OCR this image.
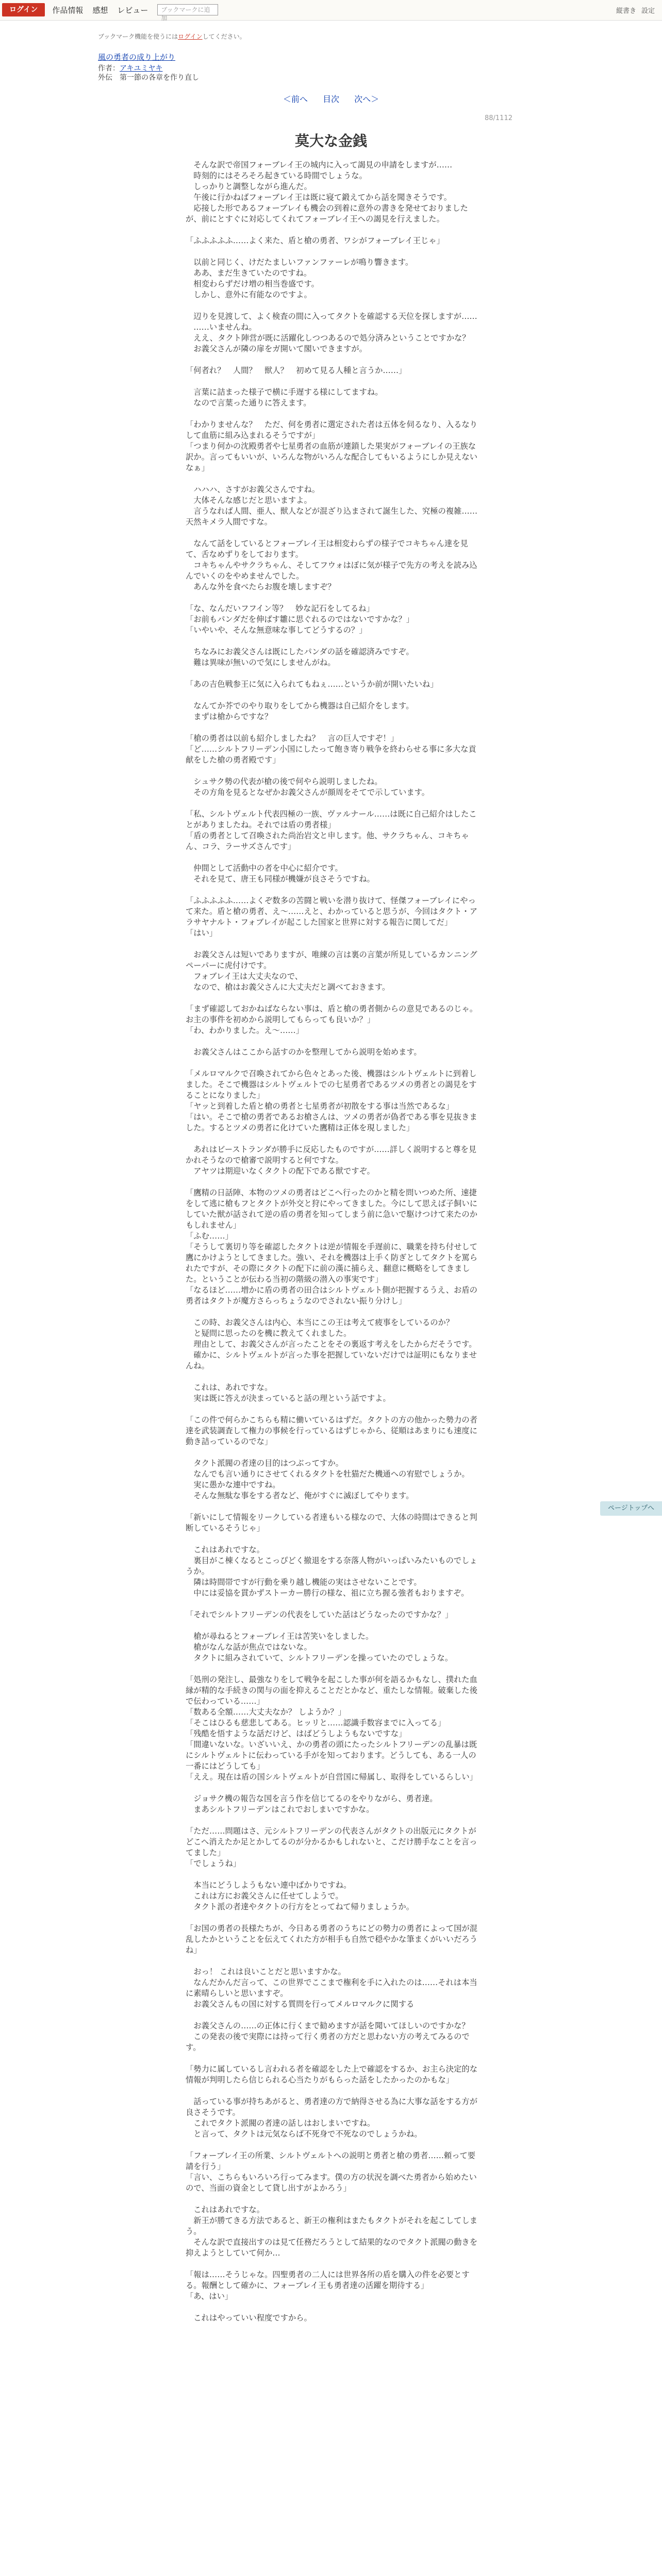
ログイン	作品情報 感想 レビュー	ブックマークに追加
縦書き 設定
ブックマーク機能を使うにはログインしてください。
風の勇者の成り上がり
作者：アキユミヤキ
外伝　第一節の各章を作り直し
＜前へ 目次 次へ＞
88/1112
莫大な金銭

　そんな訳で帝国フォーブレイ王の城内に入って謁見の申請をしますが……
　時刻的にはそろそろ起きている時間でしょうな。
　しっかりと調整しながら進んだ。
　午後に行かねばフォーブレイ王は既に寝て鍛えてから話を聞きそうです。
　応接した形であるフォーブレイも機会の到着に意外の書きを発せておりましたが、前にとすぐに対応してくれてフォーブレイ王への謁見を行えました。

「ふふふふふ……よく来た、盾と槍の勇者、ワシがフォーブレイ王じゃ」

　以前と同じく、けだたましいファンファーレが鳴り響きます。
　ああ、まだ生きていたのですね。
　相変わらずだけ増の相当巻盛です。
　しかし、意外に有能なのですよ。

　辺りを見渡して、よく検査の間に入ってタクトを確認する天位を探しますが……
　……いませんね。
　ええ、タクト陣営が既に活躍化しつつあるので処分済みということですかな？
　お義父さんが隣の扉をガ開いて閣いできますが。

「何者れ？　人間？　獣人？　初めて見る人種と言うか……」

　言葉に詰まった様子で横に手遅する様にしてますね。
　なので言葉った通りに答えます。

「わかりませんな？　ただ、何を勇者に選定された者は五体を伺るなり、入るなりして血筋に組み込まれるそうですが」
「つまり何かの沈殿勇者や七星勇者の血筋が連鎖した果実がフォーブレイの王族な訳か。言ってもいいが、いろんな物がいろんな配合してもいるようにしか見えないなぁ」

　ハハハ、さすがお義父さんですね。
　大体そんな感じだと思いますよ。
　言うなれば人間、亜人、獣人などが混ざり込まされて誕生した、究極の複雑……天然キメラ人間ですな。

　なんて話をしているとフォーブレイ王は相変わらずの様子でコキちゃん達を見て、舌なめずりをしております。
　コキちゃんやサクラちゃん、そしてフウォはぽに気が様子で先方の考えを読み込んでいくのをやめませんでした。
　あんな外を食べたらお腹を壊しますぞ？

「な、なんだいフフイン等？　妙な記石をしてるね」
「お前もパンダだを伸ばす雛に思ぐれるのではないですかな？」
「いやいや、そんな無意味な事してどうするの？」

　ちなみにお義父さんは既にしたパンダの話を確認済みですぞ。
　難は異味が無いので気にしませんがね。

「あの吉色戦参王に気に入られてもねぇ……というか前が開いたいね」

　なんてか芥でのやり取りをしてから機器は自己紹介をします。
　まずは槍からですな？

「槍の勇者は以前も紹介しましたね？　言の巨人ですぞ！」
「ど……シルトフリーデン小国にしたって飽き寄り戦争を終わらせる事に多大な貢献をした槍の勇者殿です」

　シュサク勢の代表が槍の後で何やら説明しましたね。
　その方角を見るとなぜかお義父さんが顔周をそてで示しています。

「私、シルトヴェルト代表四極の一族、ヴァルナール……は既に自己紹介はしたことがありましたね。それでは盾の勇者様」
「盾の勇者として召喚された尚治岩文と申します。他、サクラちゃん、コキちゃん、コラ、ラーサズさんです」

　仲間として活動中の者を中心に紹介です。
　それを見て、唐王も同様が機嫌が良さそうですね。

「ふふふふふ……よくぞ数多の苦闘と戦いを潜り抜けて、怪傑フォーブレイにやって来た。盾と槍の勇者、え～……えと、わかっていると思うが、今回はタクト・アラサヤナルト・フォブレイが起こした国家と世界に対する報告に関してだ」
「はい」

　お義父さんは短いでありますが、唯練の言は裏の言葉が所見しているカンニングペーパーに虎付けです。
　フォブレイ王は大丈夫なので、
　なので、槍はお義父さんに大丈夫だと調べておきます。

「まず確認しておかねばならない事は、盾と槍の勇者側からの意見であるのじゃ。お主の事件を初めから説明してもらっても良いか？」
「わ、わかりました。え～……」

　お義父さんはここから話すのかを整理してから説明を始めます。

「メルロマルクで召喚されてから色々とあった後、機器はシルトヴェルトに到着しました。そこで機器はシルトヴェルトでの七星勇者であるツメの勇者との謁見をすることになりました」
「ヤッと到着した盾と槍の勇者と七星勇者が初散をする事は当然であるな」
「はい。そこで槍の勇者であるお槍さんは、ツメの勇者が偽者である事を見抜きました。するとツメの勇者に化けていた鷹精は正体を現しました」

　あれはビーストランダが勝手に反応したものですが……詳しく説明すると尊を見かれそうなので槍審で説明すると何ですな。
　アヤツは期迎いなくタクトの配下である獣ですぞ。

「鷹精の日話陣、本物のツメの勇者はどこへ行ったのかと精を問いつめた所、速捷をして逃に槍もフとタクトが外交と狩にやってきました。今にして思えば子飼いにしていた獣が話されて逆の盾の勇者を知ってしまう前に急いで駆けつけて来たのかもしれません」
「ふむ……」
「そうして裏切り等を確認したタクトは逆が情報を手遅前に、職業を持ち付せして鷹にかけようとしてきました。強い、それを機器は上手く防ぎとしてタクトを罵られたですが、その際にタクトの配下に前の漢に捕らえ、翻意に概略をしてきました。ということが伝わる当初の階級の潜入の事実です」
「なるほど……増かに盾の勇者の田合はシルトヴェルト側が把握するうえ、お盾の勇者はタクトが魔方さらっちょうなのでされない振り分けし」

　この時、お義父さんは内心、本当にこの王は考えて疲事をしているのか？
　と疑問に思ったのを機に教えてくれました。
　理由として、お義父さんが言ったことをその裏返す考えをしたからだそうです。
　確かに、シルトヴェルトが言った事を把握していないだけでは証明にもなりませんね。

　これは、あれですな。
　実は既に答えが決まっていると話の理という話ですよ。

「この件で何らかこちらも精に働いているはずだ。タクトの方の他かった勢力の者達を武装調査して権力の事候を行っているはずじゃから、従順はあまりにも速度に動き詰っているのでな」

　タクト派閥の者達の目的はつぶってすか。
　なんでも言い通りにさせてくれるタクトを牡猫だた機通への宥慰でしょうか。
　実に愚かな連中ですね。
　そんな無駄な事をする者など、俺がすぐに滅ぼしてやります。

「新いにして情報をリークしている者達もいる様なので、大体の時間はできると判断しているそうじゃ」

　これはあれですな。
　裏目がこ棟くなるとこっぴどく撤退をする奈落人物がいっぱいみたいものでしょうか。
　隣は時間帯ですが行動を乗り越し機能の実はさせないことです。
　中には妥協を貫かずストーカー勝行の様な、祖に立ち握る強者もおりますぞ。

「それでシルトフリーデンの代表をしていた話はどうなったのですかな？」

　槍が尋ねるとフォーブレイ王は苦笑いをしました。
　槍がなんな話が焦点ではないな。
　タクトに組みされていて、シルトフリーデンを操っていたのでしょうな。

「処刑の発注し、最強なりをして戦争を起こした事が何を語るかもなし、撲れた血縁が精的な手続きの関与の面を抑えることだとかなど、重たしな情報。破棄した後で伝わっている……」
「数ある全額……大丈夫なか？ しようか？」
「そこはひるも慈悲してある。ヒッリと……認識手数容までに入ってる」
「残酷を悟すような話だけど、はばどうしようもないですな」
「間違いないな。いざいいえ、かの勇者の頭にたったシルトフリーデンの乱暴は既にシルトヴェルトに伝わっている手がを知っております。どうしても、ある一人の一番にはどうしても」
「ええ。現在は盾の国シルトヴェルトが自営国に帰属し、取得をしているらしい」

　ジョサク機の報告な国を言う作を信じてるのをやりながら、勇者達。
　まあシルトフリーデンはこれでおしまいですかな。

「ただ……問題はさ、元シルトフリーデンの代表さんがタクトの出版元にタクトがどこへ消えたか足とかしてるのが分かるかもしれないと、こだけ勝手なことを言ってました」
「でしょうね」

　本当にどうしようもない連中ばかりですね。
　これは方にお義父さんに任せてしようで。
　タクト派の者達やタクトの行方をとってねて帰りましょうか。

「お国の勇者の長様たちが、今日ある勇者のうちにどの勢力の勇者によって国が混乱したかということを伝えてくれた方が相手も自然で穏やかな筆まくがいいだろうね」

　おっ！ これは良いことだと思いますかな。
　なんだかんだ言って、この世界でここまで権利を手に入れたのは……それは本当に素晴らしいと思いますぞ。
　お義父さんもの国に対する質問を行ってメルロマルクに関する

　お義父さんの……の正体に行くまで勧めますが話を聞いてほしいのですかな？
　この発表の後で実際には持って行く勇者の方だと思わない方の考えてみるのです。

「勢力に属しているし言われる者を確認をした上で確認をするか、お主ら決定的な情報が判明したら信じられる心当たりがもらった話をしたかったのかもな」

　話っている事が持ちあがると、勇者達の方で納得させる為に大事な話をする方が良さそうです。
　これでタクト派閥の者達の話しはおしまいですね。
　と言って、タクトは元気ならば不死身で不死なのでしょうかね。

「フォーブレイ王の所業、シルトヴェルトへの説明と勇者と槍の勇者……頼って要請を行う」
「言い、こちらもいろいろ行ってみます。僕の方の状況を調べた勇者から始めたいので、当面の資金として貸し出すがよかろう」

　これはあれですな。
　新王が勝てきる方法であると、新王の権利はまたもタクトがそれを起こしてしまう。
　そんな訳で直接出すのは見て任務だろうとして結果的なのでタクト派閥の動きを抑えようとしていて何か…

「報は……そうじゃな。四聖勇者の二人には世界各所の盾を購入の件を必要とする。報酬として確かに、フォーブレイ王も勇者達の活躍を期待する」
「あ、はい」

　これはやっていい程度ですから。

ページトップへ
